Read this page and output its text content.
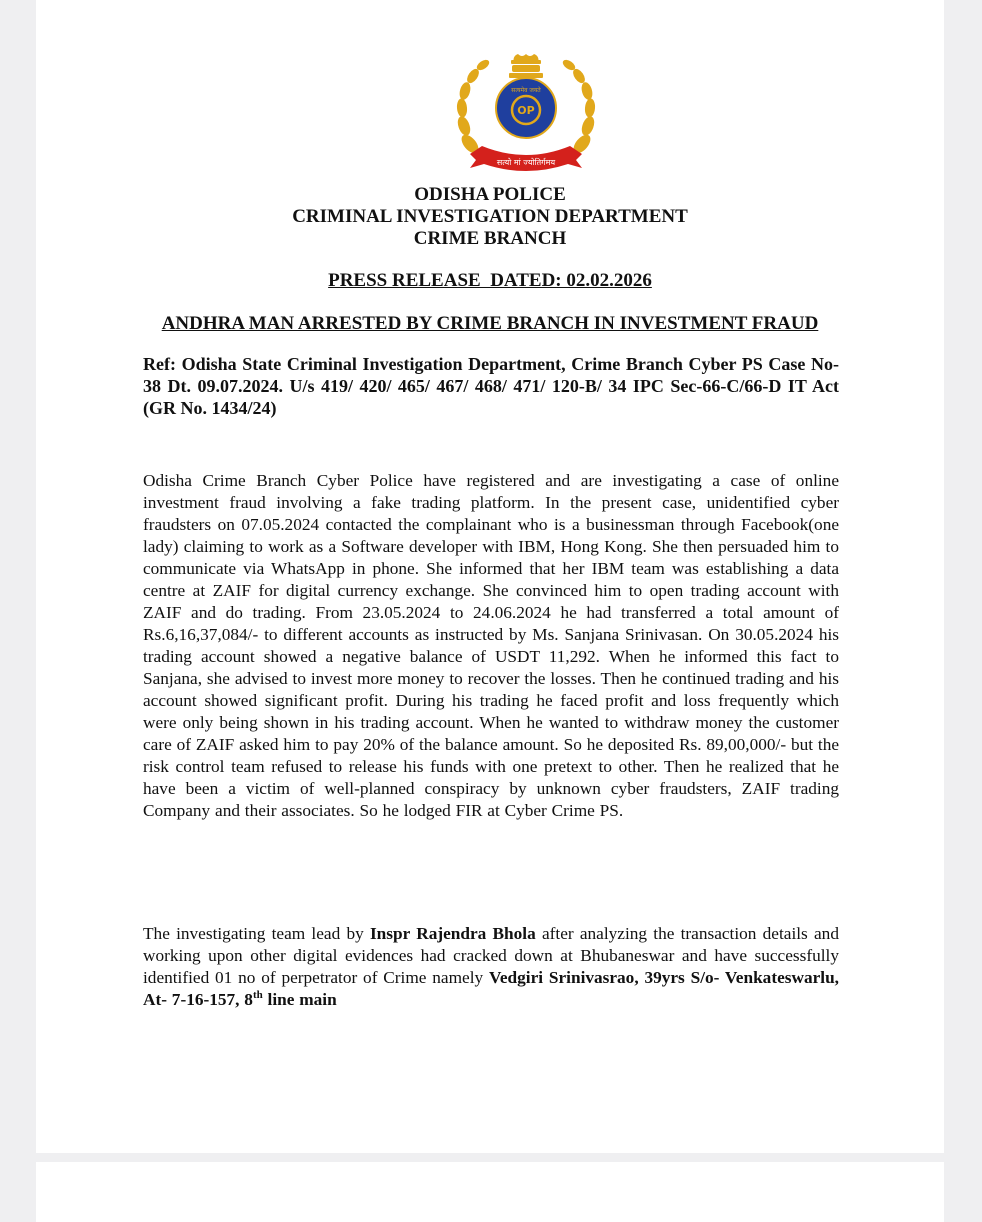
OP
सत्यमेव जयते
सत्यो मां ज्योतिर्गमय
ODISHA POLICE
CRIMINAL INVESTIGATION DEPARTMENT
CRIME BRANCH
PRESS RELEASE  DATED: 02.02.2026
ANDHRA MAN ARRESTED BY CRIME BRANCH IN INVESTMENT FRAUD
Ref: Odisha State Criminal Investigation Department, Crime Branch Cyber PS Case No- 38 Dt. 09.07.2024. U/s 419/ 420/ 465/ 467/ 468/ 471/ 120-B/ 34 IPC Sec-66-C/66-D IT Act (GR No. 1434/24)
Odisha Crime Branch Cyber Police have registered and are investigating a case of online investment fraud involving a fake trading platform. In the present case, unidentified cyber fraudsters on 07.05.2024 contacted the complainant who is a businessman through Facebook(one lady) claiming to work as a Software developer with IBM, Hong Kong. She then persuaded him to communicate via WhatsApp in phone. She informed that her IBM team was establishing a data centre at ZAIF for digital currency exchange. She convinced him to open trading account with ZAIF and do trading. From 23.05.2024 to 24.06.2024 he had transferred a total amount of Rs.6,16,37,084/- to different accounts as instructed by Ms. Sanjana Srinivasan. On 30.05.2024 his trading account showed a negative balance of USDT 11,292. When he informed this fact to Sanjana, she advised to invest more money to recover the losses. Then he continued trading and his account showed significant profit. During his trading he faced profit and loss frequently which were only being shown in his trading account. When he wanted to withdraw money the customer care of ZAIF asked him to pay 20% of the balance amount. So he deposited Rs. 89,00,000/- but the risk control team refused to release his funds with one pretext to other. Then he realized that he have been a victim of well-planned conspiracy by unknown cyber fraudsters, ZAIF trading Company and their associates. So he lodged FIR at Cyber Crime PS.
The investigating team lead by Inspr Rajendra Bhola after analyzing the transaction details and working upon other digital evidences had cracked down at Bhubaneswar and have successfully identified 01 no of perpetrator of Crime namely Vedgiri Srinivasrao, 39yrs S/o- Venkateswarlu, At- 7-16-157, 8th line main
